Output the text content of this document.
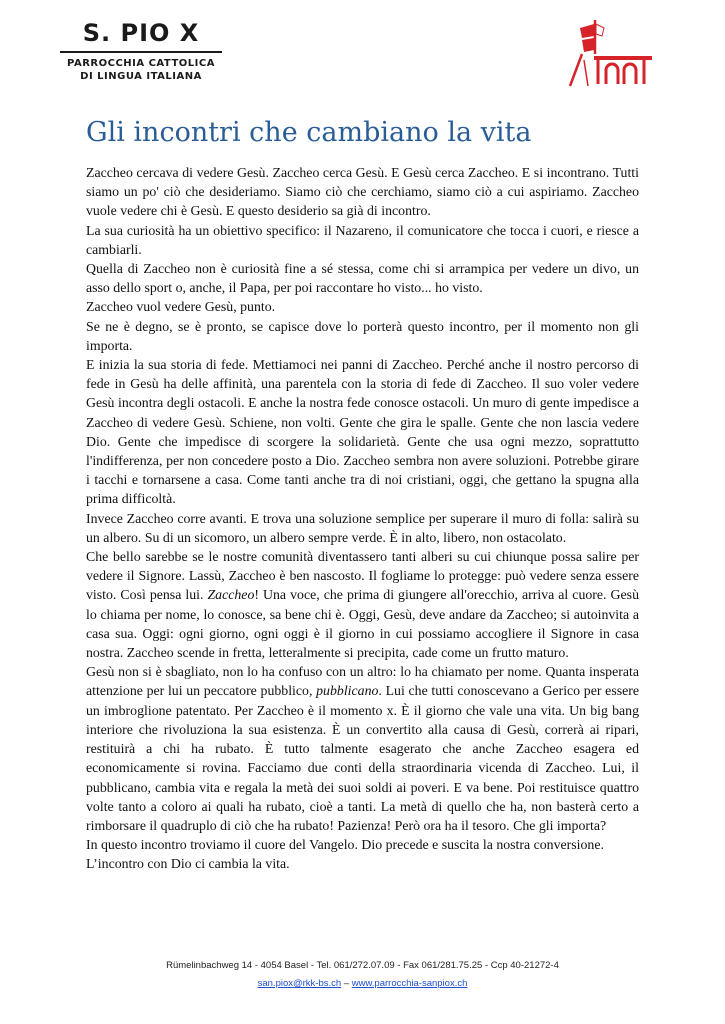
S. PIO X
PARROCCHIA CATTOLICA
DI LINGUA ITALIANA
Gli incontri che cambiano la vita

Zaccheo cercava di vedere Gesù. Zaccheo cerca Gesù. E Gesù cerca Zaccheo. E si incontrano. Tutti siamo un po' ciò che desideriamo. Siamo ciò che cerchiamo, siamo ciò a cui aspiriamo. Zaccheo vuole vedere chi è Gesù. E questo desiderio sa già di incontro.

La sua curiosità ha un obiettivo specifico: il Nazareno, il comunicatore che tocca i cuori, e riesce a cambiarli.

Quella di Zaccheo non è curiosità fine a sé stessa, come chi si arrampica per vedere un divo, un asso dello sport o, anche, il Papa, per poi raccontare ho visto... ho visto.

Zaccheo vuol vedere Gesù, punto.

Se ne è degno, se è pronto, se capisce dove lo porterà questo incontro, per il momento non gli importa.

E inizia la sua storia di fede. Mettiamoci nei panni di Zaccheo. Perché anche il nostro percorso di fede in Gesù ha delle affinità, una parentela con la storia di fede di Zaccheo. Il suo voler vedere Gesù incontra degli ostacoli. E anche la nostra fede conosce ostacoli. Un muro di gente impedisce a Zaccheo di vedere Gesù. Schiene, non volti. Gente che gira le spalle. Gente che non lascia vedere Dio. Gente che impedisce di scorgere la solidarietà. Gente che usa ogni mezzo, soprattutto l'indifferenza, per non concedere posto a Dio. Zaccheo sembra non avere soluzioni. Potrebbe girare i tacchi e tornarsene a casa. Come tanti anche tra di noi cristiani, oggi, che gettano la spugna alla prima difficoltà.

Invece Zaccheo corre avanti. E trova una soluzione semplice per superare il muro di folla: salirà su un albero. Su di un sicomoro, un albero sempre verde. È in alto, libero, non ostacolato.

Che bello sarebbe se le nostre comunità diventassero tanti alberi su cui chiunque possa salire per vedere il Signore. Lassù, Zaccheo è ben nascosto. Il fogliame lo protegge: può vedere senza essere visto. Così pensa lui. Zaccheo! Una voce, che prima di giungere all'orecchio, arriva al cuore. Gesù lo chiama per nome, lo conosce, sa bene chi è. Oggi, Gesù, deve andare da Zaccheo; si autoinvita a casa sua. Oggi: ogni giorno, ogni oggi è il giorno in cui possiamo accogliere il Signore in casa nostra. Zaccheo scende in fretta, letteralmente si precipita, cade come un frutto maturo.

Gesù non si è sbagliato, non lo ha confuso con un altro: lo ha chiamato per nome. Quanta insperata attenzione per lui un peccatore pubblico, pubblicano. Lui che tutti conoscevano a Gerico per essere un imbroglione patentato. Per Zaccheo è il momento x. È il giorno che vale una vita. Un big bang interiore che rivoluziona la sua esistenza. È un convertito alla causa di Gesù, correrà ai ripari, restituirà a chi ha rubato. È tutto talmente esagerato che anche Zaccheo esagera ed economicamente si rovina. Facciamo due conti della straordinaria vicenda di Zaccheo. Lui, il pubblicano, cambia vita e regala la metà dei suoi soldi ai poveri. E va bene. Poi restituisce quattro volte tanto a coloro ai quali ha rubato, cioè a tanti. La metà di quello che ha, non basterà certo a rimborsare il quadruplo di ciò che ha rubato! Pazienza! Però ora ha il tesoro. Che gli importa?

In questo incontro troviamo il cuore del Vangelo. Dio precede e suscita la nostra conversione.

L’incontro con Dio ci cambia la vita.

Rümelinbachweg 14 - 4054 Basel - Tel. 061/272.07.09 - Fax 061/281.75.25 - Ccp 40-21272-4
san.piox@rkk-bs.ch – www.parrocchia-sanpiox.ch
